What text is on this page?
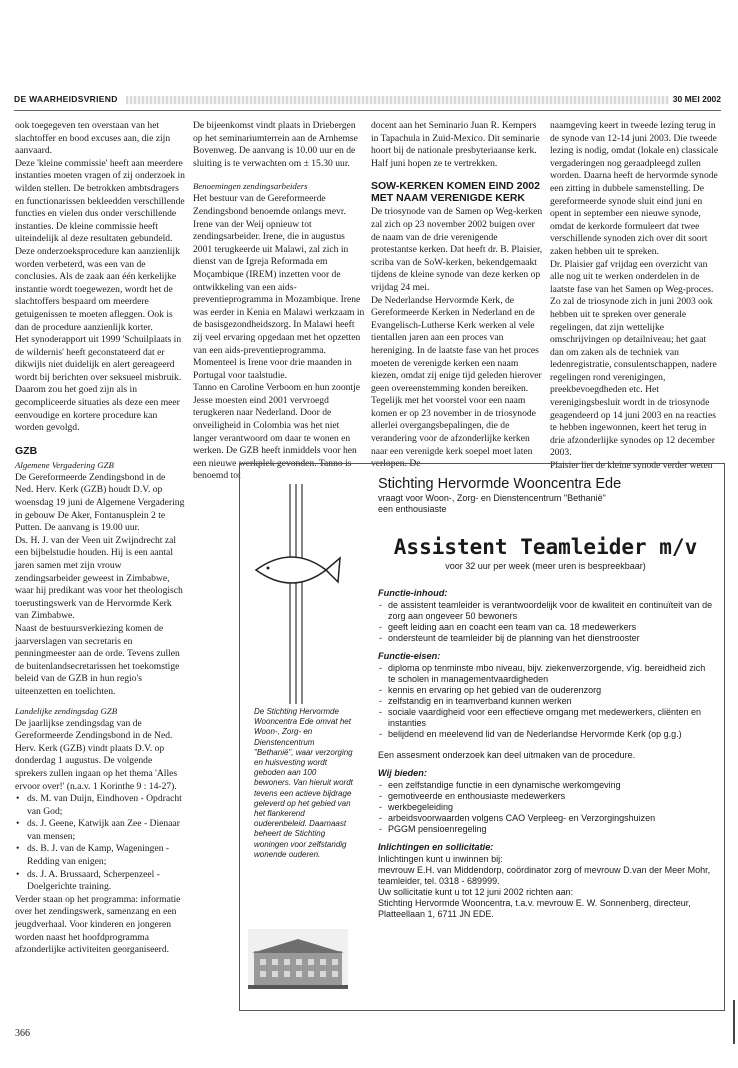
DE WAARHEIDSVRIEND	30 MEI 2002

ook toegegeven ten overstaan van het slachtoffer en bood excuses aan, die zijn aanvaard.

Deze 'kleine commissie' heeft aan meerdere instanties moeten vragen of zij onderzoek in wilden stellen. De betrokken ambtsdragers en functionarissen bekleedden verschillende functies en vielen dus onder verschillende instanties. De kleine commissie heeft uiteindelijk al deze resultaten gebundeld.

Deze onderzoeksprocedure kan aanzienlijk worden verbeterd, was een van de conclusies. Als de zaak aan één kerkelijke instantie wordt toegewezen, wordt het de slachtoffers bespaard om meerdere getuigenissen te moeten afleggen. Ook is dan de procedure aanzienlijk korter.

Het synoderapport uit 1999 'Schuilplaats in de wildernis' heeft geconstateerd dat er dikwijls niet duidelijk en alert gereageerd wordt bij berichten over seksueel misbruik. Daarom zou het goed zijn als in gecompliceerde situaties als deze een meer eenvoudige en kortere procedure kan worden gevolgd.

GZB
Algemene Vergadering GZB

De Gereformeerde Zendingsbond in de Ned. Herv. Kerk (GZB) houdt D.V. op woensdag 19 juni de Algemene Vergadering in gebouw De Aker, Fontanusplein 2 te Putten. De aanvang is 19.00 uur.

Ds. H. J. van der Veen uit Zwijndrecht zal een bijbelstudie houden. Hij is een aantal jaren samen met zijn vrouw zendingsarbeider geweest in Zimbabwe, waar hij predikant was voor het theologisch toerustingswerk van de Hervormde Kerk van Zimbabwe.

Naast de bestuursverkiezing komen de jaarverslagen van secretaris en penningmeester aan de orde. Tevens zullen de buitenlandsecretarissen het toekomstige beleid van de GZB in hun regio's uiteenzetten en toelichten.

Landelijke zendingsdag GZB

De jaarlijkse zendingsdag van de Gereformeerde Zendingsbond in de Ned. Herv. Kerk (GZB) vindt plaats D.V. op donderdag 1 augustus. De volgende sprekers zullen ingaan op het thema 'Alles ervoor over!' (n.a.v. 1 Korinthe 9 : 14-27).

• ds. M. van Duijn, Eindhoven - Opdracht van God;
• ds. J. Geene, Katwijk aan Zee - Dienaar van mensen;
• ds. B. J. van de Kamp, Wageningen - Redding van enigen;
• ds. J. A. Brussaard, Scherpenzeel - Doelgerichte training.

Verder staan op het programma: informatie over het zendingswerk, samenzang en een jeugdverhaal. Voor kinderen en jongeren worden naast het hoofdprogramma afzonderlijke activiteiten georganiseerd.

De bijeenkomst vindt plaats in Driebergen op het seminariumterrein aan de Arnhemse Bovenweg. De aanvang is 10.00 uur en de sluiting is te verwachten om ± 15.30 uur.

Benoemingen zendingsarbeiders

Het bestuur van de Gereformeerde Zendingsbond benoemde onlangs mevr. Irene van der Weij opnieuw tot zendingsarbeider. Irene, die in augustus 2001 terugkeerde uit Malawi, zal zich in dienst van de Igreja Reformada em Moçambique (IREM) inzetten voor de ontwikkeling van een aids-preventieprogramma in Mozambique. Irene was eerder in Kenia en Malawi werkzaam in de basisgezondheidszorg. In Malawi heeft zij veel ervaring opgedaan met het opzetten van een aids-preventieprogramma. Momenteel is Irene voor drie maanden in Portugal voor taalstudie.

Tanno en Caroline Verboom en hun zoontje Jesse moesten eind 2001 vervroegd terugkeren naar Nederland. Door de onveiligheid in Colombia was het niet langer verantwoord om daar te wonen en werken. De GZB heeft inmiddels voor hen een nieuwe werkplek gevonden. Tanno is benoemd tot

docent aan het Seminario Juan R. Kempers in Tapachula in Zuid-Mexico. Dit seminarie hoort bij de nationale presbyteriaanse kerk. Half juni hopen ze te vertrekken.

SOW-KERKEN KOMEN EIND 2002 MET NAAM VERENIGDE KERK

De triosynode van de Samen op Weg-kerken zal zich op 23 november 2002 buigen over de naam van de drie verenigende protestantse kerken. Dat heeft dr. B. Plaisier, scriba van de SoW-kerken, bekendgemaakt tijdens de kleine synode van deze kerken op vrijdag 24 mei.

De Nederlandse Hervormde Kerk, de Gereformeerde Kerken in Nederland en de Evangelisch-Lutherse Kerk werken al vele tientallen jaren aan een proces van hereniging. In de laatste fase van het proces moeten de verenigde kerken een naam kiezen, omdat zij enige tijd geleden hierover geen overeenstemming konden bereiken. Tegelijk met het voorstel voor een naam komen er op 23 november in de triosynode allerlei overgangsbepalingen, die de verandering voor de afzonderlijke kerken naar een verenigde kerk soepel moet laten verlopen. De

naamgeving keert in tweede lezing terug in de synode van 12-14 juni 2003. Die tweede lezing is nodig, omdat (lokale en) classicale vergaderingen nog geraadpleegd zullen worden. Daarna heeft de hervormde synode een zitting in dubbele samenstelling. De gereformeerde synode sluit eind juni en opent in september een nieuwe synode, omdat de kerkorde formuleert dat twee verschillende synoden zich over dit soort zaken hebben uit te spreken.

Dr. Plaisier gaf vrijdag een overzicht van alle nog uit te werken onderdelen in de laatste fase van het Samen op Weg-proces. Zo zal de triosynode zich in juni 2003 ook hebben uit te spreken over generale regelingen, dat zijn wettelijke omschrijvingen op detailniveau; het gaat dan om zaken als de techniek van ledenregistratie, consulentschappen, nadere regelingen rond verenigingen, preekbevoegdheden etc. Het verenigingsbesluit wordt in de triosynode geagendeerd op 14 juni 2003 en na reacties te hebben ingewonnen, keert het terug in drie afzonderlijke synodes op 12 december 2003.

Plaisier liet de kleine synode verder weten

De Stichting Hervormde Wooncentra Ede omvat het Woon-, Zorg- en Dienstencentrum "Bethanië", waar verzorging en huisvesting wordt geboden aan 100 bewoners. Van hieruit wordt tevens een actieve bijdrage geleverd op het gebied van het flankerend ouderenbeleid. Daarnaast beheert de Stichting woningen voor zelfstandig wonende ouderen.

Stichting Hervormde Wooncentra Ede

vraagt voor Woon-, Zorg- en Dienstencentrum "Bethanië"

een enthousiaste

Assistent Teamleider m/v

voor 32 uur per week (meer uren is bespreekbaar)

Functie-inhoud:

- de assistent teamleider is verantwoordelijk voor de kwaliteit en continuïteit van de zorg aan ongeveer 50 bewoners
- geeft leiding aan en coacht een team van ca. 18 medewerkers
- ondersteunt de teamleider bij de planning van het dienstrooster

Functie-eisen:

- diploma op tenminste mbo niveau, bijv. ziekenverzorgende, v'ig. bereidheid zich te scholen in managementvaardigheden
- kennis en ervaring op het gebied van de ouderenzorg
- zelfstandig en in teamverband kunnen werken
- sociale vaardigheid voor een effectieve omgang met medewerkers, cliënten en instanties
- belijdend en meelevend lid van de Nederlandse Hervormde Kerk (op g.g.)

Een assesment onderzoek kan deel uitmaken van de procedure.

Wij bieden:

- een zelfstandige functie in een dynamische werkomgeving
- gemotiveerde en enthousiaste medewerkers
- werkbegeleiding
- arbeidsvoorwaarden volgens CAO Verpleeg- en Verzorgingshuizen
- PGGM pensioenregeling

Inlichtingen en sollicitatie:

Inlichtingen kunt u inwinnen bij:

mevrouw E.H. van Middendorp, coördinator zorg of mevrouw D.van der Meer Mohr, teamleider, tel. 0318 - 689999.

Uw sollicitatie kunt u tot 12 juni 2002 richten aan:

Stichting Hervormde Wooncentra, t.a.v. mevrouw E. W. Sonnenberg, directeur, Platteellaan 1, 6711 JN EDE.

366
